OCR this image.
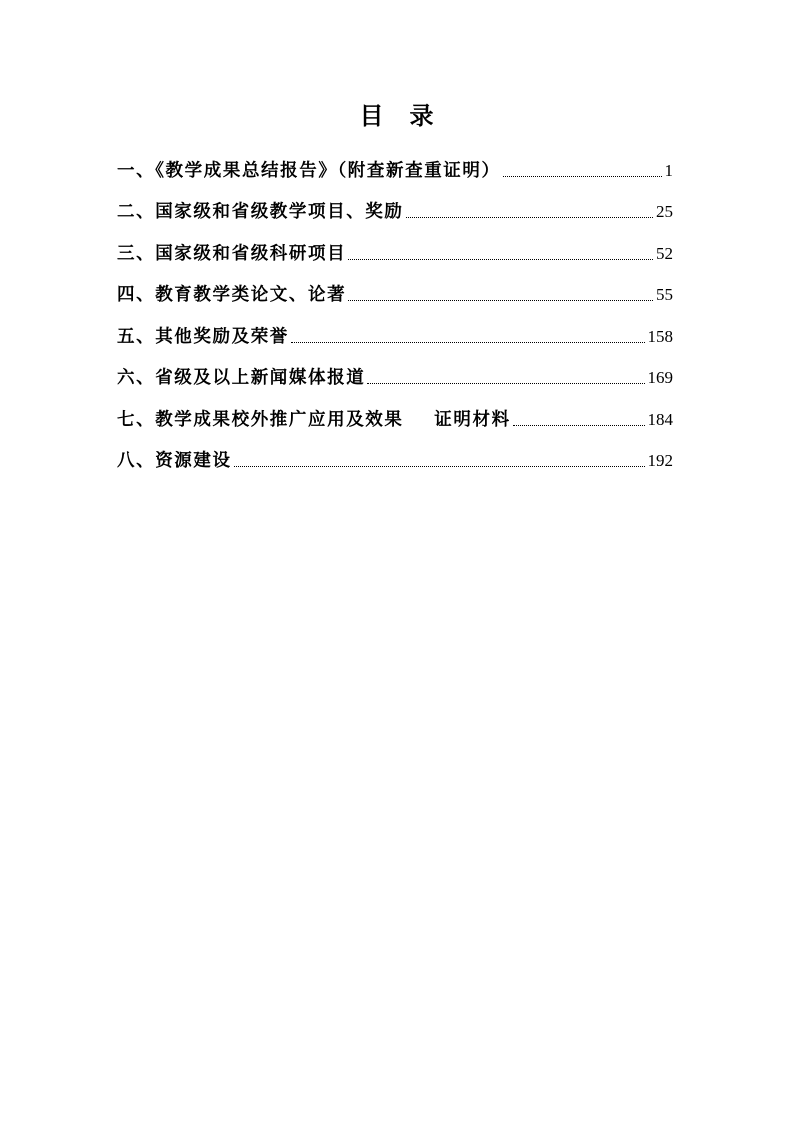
目录
一、《教学成果总结报告》（附查新查重证明）	1
二、国家级和省级教学项目、奖励	25
三、国家级和省级科研项目	52
四、教育教学类论文、论著	55
五、其他奖励及荣誉	158
六、省级及以上新闻媒体报道	169
七、教学成果校外推广应用及效果    证明材料	184
八、资源建设	192
